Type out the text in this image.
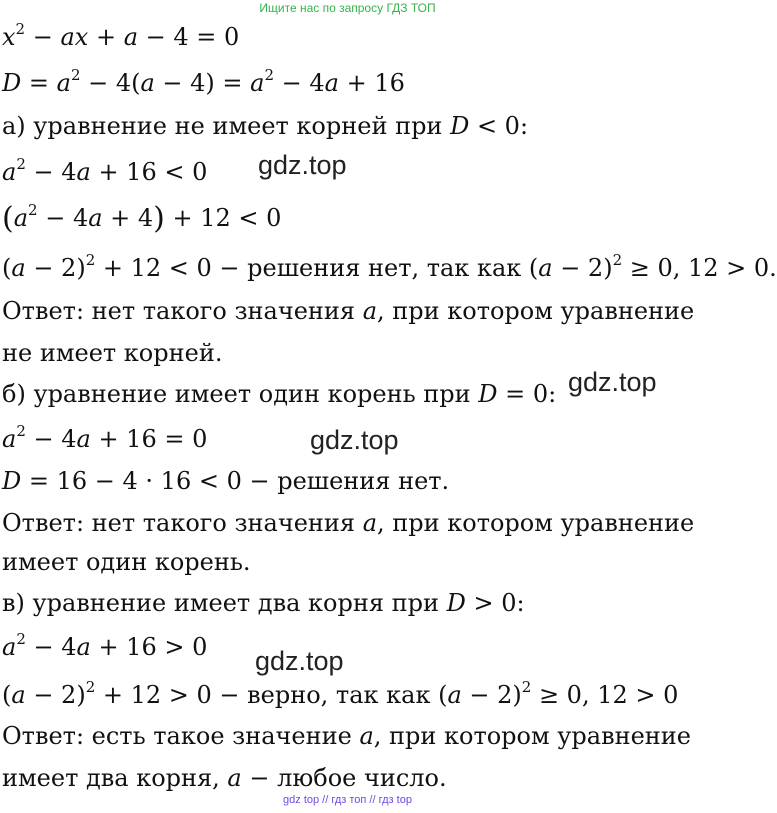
Ищите нас по запросу ГДЗ ТОП
$x^2$ − ax + a − 4 = 0
$D = a^2 - 4(a - 4) = a^2 - 4a + 16$
а) уравнение не имеет корней при D < 0:
$a^2 - 4a + 16 < 0$
$(a^2 - 4a + 4) + 12 < 0$
$(a - 2)^2 + 12 < 0$ − решения нет, так как $(a - 2)^2 \ge 0$, 12 > 0.
Ответ: нет такого значения a, при котором уравнение
не имеет корней.
б) уравнение имеет один корень при D = 0:
$a^2 - 4a + 16 = 0$
D = 16 − 4 · 16 < 0 − решения нет.
Ответ: нет такого значения a, при котором уравнение
имеет один корень.
в) уравнение имеет два корня при D > 0:
$a^2 - 4a + 16 > 0$
$(a - 2)^2 + 12 > 0$ − верно, так как $(a - 2)^2 \ge 0$, 12 > 0
Ответ: есть такое значение a, при котором уравнение
имеет два корня, a − любое число.
gdz.top
gdz.top
gdz.top
gdz.top
gdz top // гдз топ // гдз top
